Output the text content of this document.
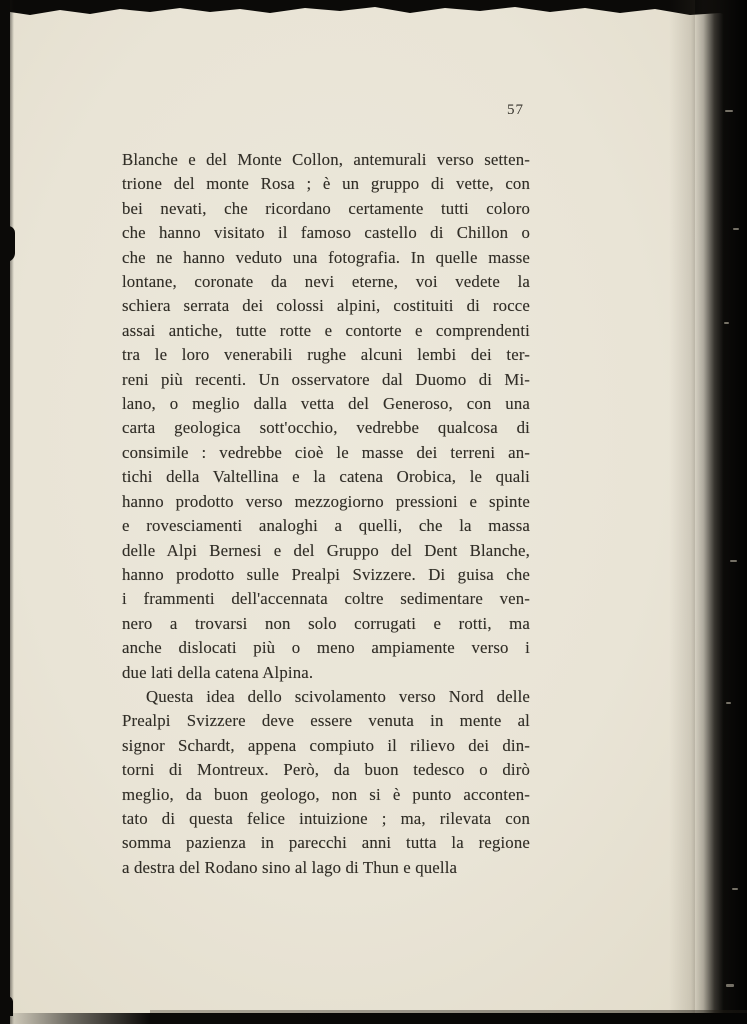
57
Blanche e del Monte Collon, antemurali verso setten-
trione del monte Rosa ; è un gruppo di vette, con
bei nevati, che ricordano certamente tutti coloro
che hanno visitato il famoso castello di Chillon o
che ne hanno veduto una fotografia. In quelle masse
lontane, coronate da nevi eterne, voi vedete la
schiera serrata dei colossi alpini, costituiti di rocce
assai antiche, tutte rotte e contorte e comprendenti
tra le loro venerabili rughe alcuni lembi dei ter-
reni più recenti. Un osservatore dal Duomo di Mi-
lano, o meglio dalla vetta del Generoso, con una
carta geologica sott'occhio, vedrebbe qualcosa di
consimile : vedrebbe cioè le masse dei terreni an-
tichi della Valtellina e la catena Orobica, le quali
hanno prodotto verso mezzogiorno pressioni e spinte
e rovesciamenti analoghi a quelli, che la massa
delle Alpi Bernesi e del Gruppo del Dent Blanche,
hanno prodotto sulle Prealpi Svizzere. Di guisa che
i frammenti dell'accennata coltre sedimentare ven-
nero a trovarsi non solo corrugati e rotti, ma
anche dislocati più o meno ampiamente verso i
due lati della catena Alpina.
Questa idea dello scivolamento verso Nord delle
Prealpi Svizzere deve essere venuta in mente al
signor Schardt, appena compiuto il rilievo dei din-
torni di Montreux. Però, da buon tedesco o dirò
meglio, da buon geologo, non si è punto acconten-
tato di questa felice intuizione ; ma, rilevata con
somma pazienza in parecchi anni tutta la regione
a destra del Rodano sino al lago di Thun e quella
